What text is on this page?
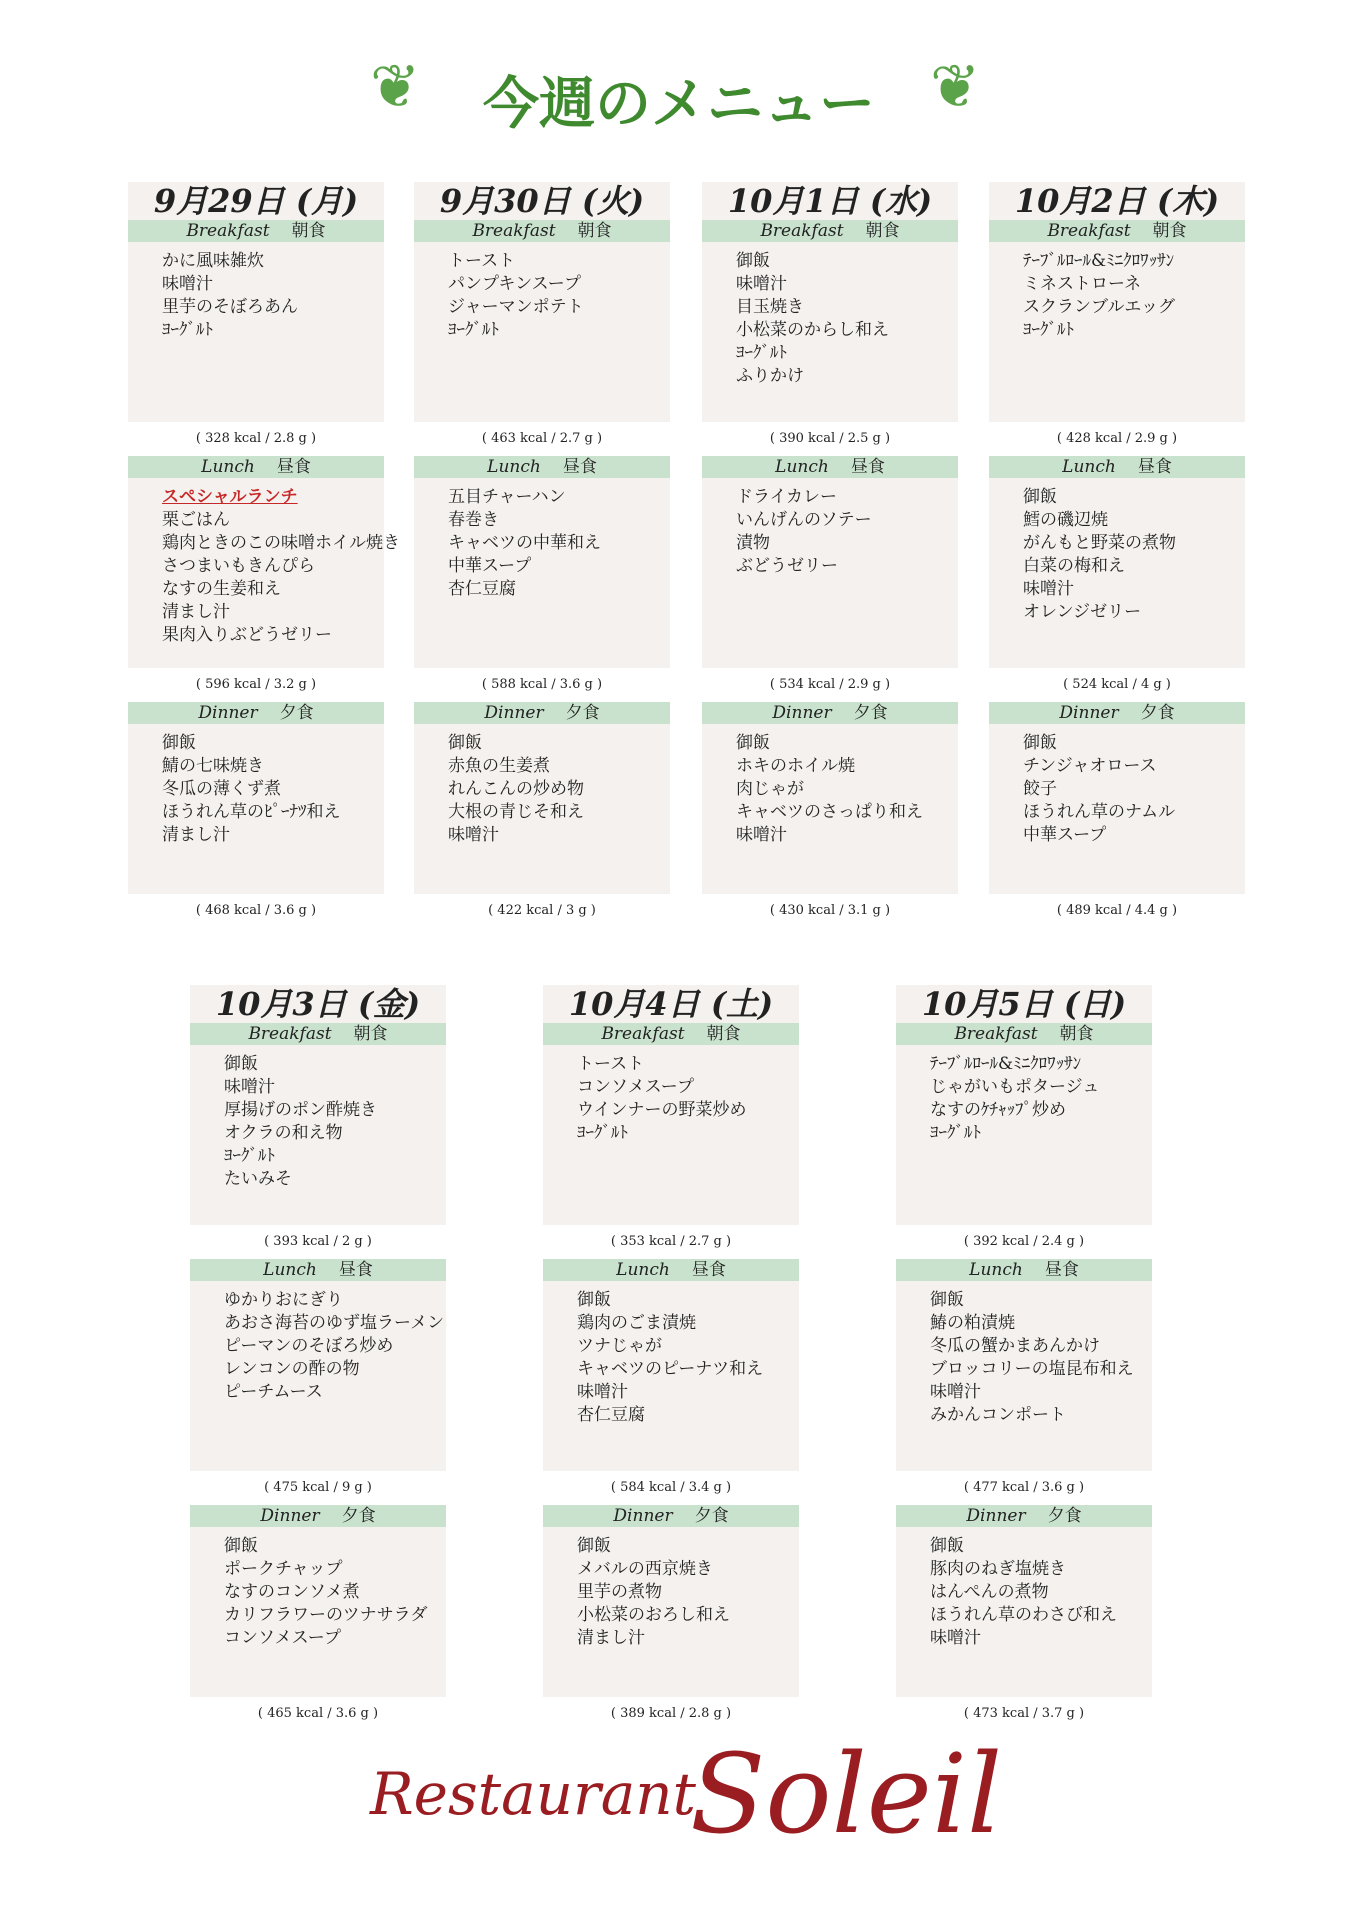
❦	今週のメニュー ❦
9月29日 (月)
Breakfast 朝食
かに風味雑炊
味噌汁
里芋のそぼろあん
ﾖｰｸﾞﾙﾄ
( 328 kcal / 2.8 g )
Lunch 昼食
スペシャルランチ
栗ごはん
鶏肉ときのこの味噌ホイル焼き
さつまいもきんぴら
なすの生姜和え
清まし汁
果肉入りぶどうゼリー
( 596 kcal / 3.2 g )
Dinner 夕食
御飯
鯖の七味焼き
冬瓜の薄くず煮
ほうれん草のﾋﾟｰﾅﾂ和え
清まし汁
( 468 kcal / 3.6 g )
9月30日 (火)
Breakfast 朝食
トースト
パンプキンスープ
ジャーマンポテト
ﾖｰｸﾞﾙﾄ
( 463 kcal / 2.7 g )
Lunch 昼食
五目チャーハン
春巻き
キャベツの中華和え
中華スープ
杏仁豆腐
( 588 kcal / 3.6 g )
Dinner 夕食
御飯
赤魚の生姜煮
れんこんの炒め物
大根の青じそ和え
味噌汁
( 422 kcal / 3 g )
10月1日 (水)
Breakfast 朝食
御飯
味噌汁
目玉焼き
小松菜のからし和え
ﾖｰｸﾞﾙﾄ
ふりかけ
( 390 kcal / 2.5 g )
Lunch 昼食
ドライカレー
いんげんのソテー
漬物
ぶどうゼリー
( 534 kcal / 2.9 g )
Dinner 夕食
御飯
ホキのホイル焼
肉じゃが
キャベツのさっぱり和え
味噌汁
( 430 kcal / 3.1 g )
10月2日 (木)
Breakfast 朝食
ﾃｰﾌﾞﾙﾛｰﾙ&ﾐﾆｸﾛﾜｯｻﾝ
ミネストローネ
スクランブルエッグ
ﾖｰｸﾞﾙﾄ
( 428 kcal / 2.9 g )
Lunch 昼食
御飯
鱈の磯辺焼
がんもと野菜の煮物
白菜の梅和え
味噌汁
オレンジゼリー
( 524 kcal / 4 g )
Dinner 夕食
御飯
チンジャオロース
餃子
ほうれん草のナムル
中華スープ
( 489 kcal / 4.4 g )
10月3日 (金)
Breakfast 朝食
御飯
味噌汁
厚揚げのポン酢焼き
オクラの和え物
ﾖｰｸﾞﾙﾄ
たいみそ
( 393 kcal / 2 g )
Lunch 昼食
ゆかりおにぎり
あおさ海苔のゆず塩ラーメン
ピーマンのそぼろ炒め
レンコンの酢の物
ピーチムース
( 475 kcal / 9 g )
Dinner 夕食
御飯
ポークチャップ
なすのコンソメ煮
カリフラワーのツナサラダ
コンソメスープ
( 465 kcal / 3.6 g )
10月4日 (土)
Breakfast 朝食
トースト
コンソメスープ
ウインナーの野菜炒め
ﾖｰｸﾞﾙﾄ
( 353 kcal / 2.7 g )
Lunch 昼食
御飯
鶏肉のごま漬焼
ツナじゃが
キャベツのピーナツ和え
味噌汁
杏仁豆腐
( 584 kcal / 3.4 g )
Dinner 夕食
御飯
メバルの西京焼き
里芋の煮物
小松菜のおろし和え
清まし汁
( 389 kcal / 2.8 g )
10月5日 (日)
Breakfast 朝食
ﾃｰﾌﾞﾙﾛｰﾙ&ﾐﾆｸﾛﾜｯｻﾝ
じゃがいもポタージュ
なすのｹﾁｬｯﾌﾟ炒め
ﾖｰｸﾞﾙﾄ
( 392 kcal / 2.4 g )
Lunch 昼食
御飯
鰆の粕漬焼
冬瓜の蟹かまあんかけ
ブロッコリーの塩昆布和え
味噌汁
みかんコンポート
( 477 kcal / 3.6 g )
Dinner 夕食
御飯
豚肉のねぎ塩焼き
はんぺんの煮物
ほうれん草のわさび和え
味噌汁
( 473 kcal / 3.7 g )
Restaurant
Soleil
